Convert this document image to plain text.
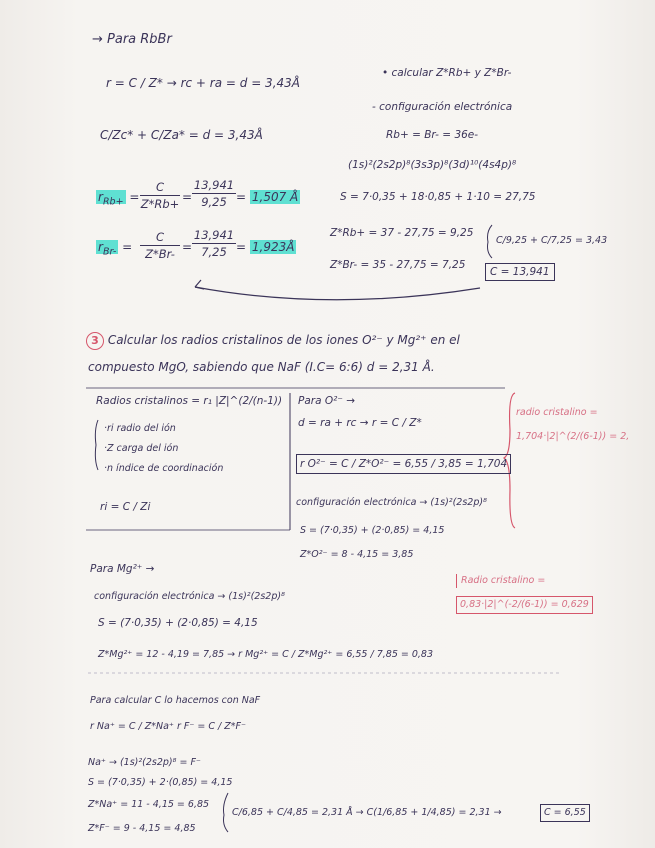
→ Para RbBr
r = C / Z* → rc + ra = d = 3,43Å
C/Zc* + C/Za* = d = 3,43Å
$r_{Rb+}$ =
C
Z*Rb+ =
13,941
9,25 = 1,507 Å
$r_{Br-}$ =
C
Z*Br- =
13,941
7,25 = 1,923Å
• calcular Z*Rb+ y Z*Br-
- configuración electrónica
Rb+ = Br- = 36e-
(1s)²(2s2p)⁸(3s3p)⁸(3d)¹⁰(4s4p)⁸
S = 7·0,35 + 18·0,85 + 1·10 = 27,75
Z*Rb+ = 37 - 27,75 = 9,25
Z*Br- = 35 - 27,75 = 7,25
C/9,25 + C/7,25 = 3,43
C = 13,941
3 Calcular los radios cristalinos de los iones O²⁻ y Mg²⁺ en el
compuesto MgO, sabiendo que NaF (I.C= 6:6) d = 2,31 Å.
Radios cristalinos = r₁ |Z|^(2/(n-1))
·ri radio del ión
·Z carga del ión
·n índice de coordinación
ri = C / Zi
Para O²⁻ →
d = ra + rc → r = C / Z*
r O²⁻ = C / Z*O²⁻ = 6,55 / 3,85 = 1,704
configuración electrónica → (1s)²(2s2p)⁸
S = (7·0,35) + (2·0,85) = 4,15
Z*O²⁻ = 8 - 4,15 = 3,85
radio cristalino =
1,704·|2|^(2/(6-1)) = 2,
Para Mg²⁺ →
configuración electrónica → (1s)²(2s2p)⁸
S = (7·0,35) + (2·0,85) = 4,15
Z*Mg²⁺ = 12 - 4,19 = 7,85 → r Mg²⁺ = C / Z*Mg²⁺ = 6,55 / 7,85 = 0,83
Radio cristalino =
0,83·|2|^(-2/(6-1)) = 0,629
Para calcular C lo hacemos con NaF
r Na⁺ = C / Z*Na⁺ r F⁻ = C / Z*F⁻
Na⁺ → (1s)²(2s2p)⁸ = F⁻
S = (7·0,35) + 2·(0,85) = 4,15
Z*Na⁺ = 11 - 4,15 = 6,85
Z*F⁻ = 9 - 4,15 = 4,85
C/6,85 + C/4,85 = 2,31 Å → C(1/6,85 + 1/4,85) = 2,31 →	C = 6,55
